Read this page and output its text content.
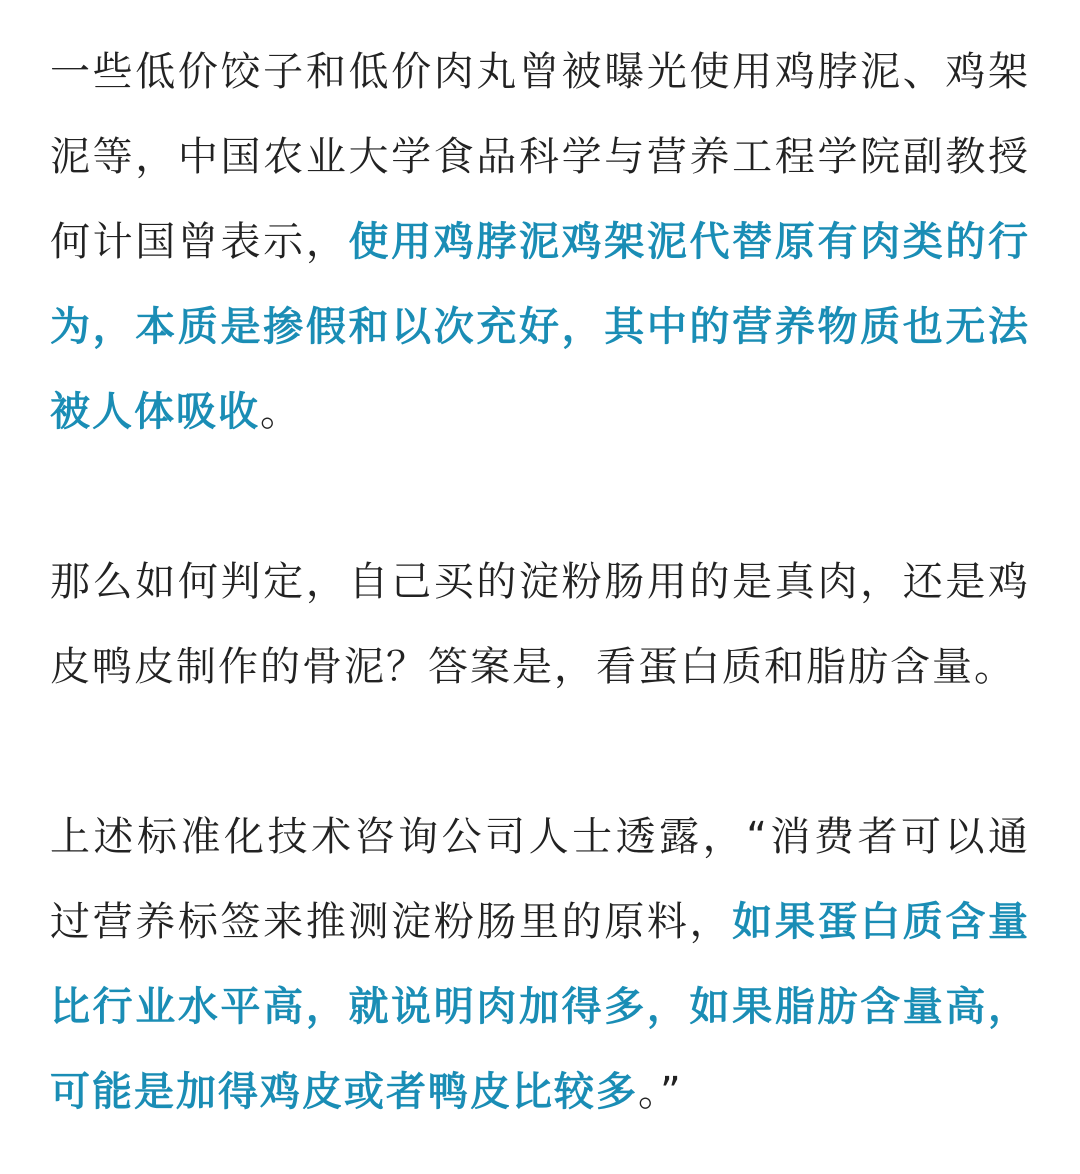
一些低价饺子和低价肉丸曾被曝光使用鸡脖泥、鸡架泥等，中国农业大学食品科学与营养工程学院副教授何计国曾表示，使用鸡脖泥鸡架泥代替原有肉类的行为，本质是掺假和以次充好，其中的营养物质也无法被人体吸收。

那么如何判定，自己买的淀粉肠用的是真肉，还是鸡皮鸭皮制作的骨泥？答案是，看蛋白质和脂肪含量。

上述标准化技术咨询公司人士透露，“消费者可以通过营养标签来推测淀粉肠里的原料，如果蛋白质含量比行业水平高，就说明肉加得多，如果脂肪含量高，可能是加得鸡皮或者鸭皮比较多。”
